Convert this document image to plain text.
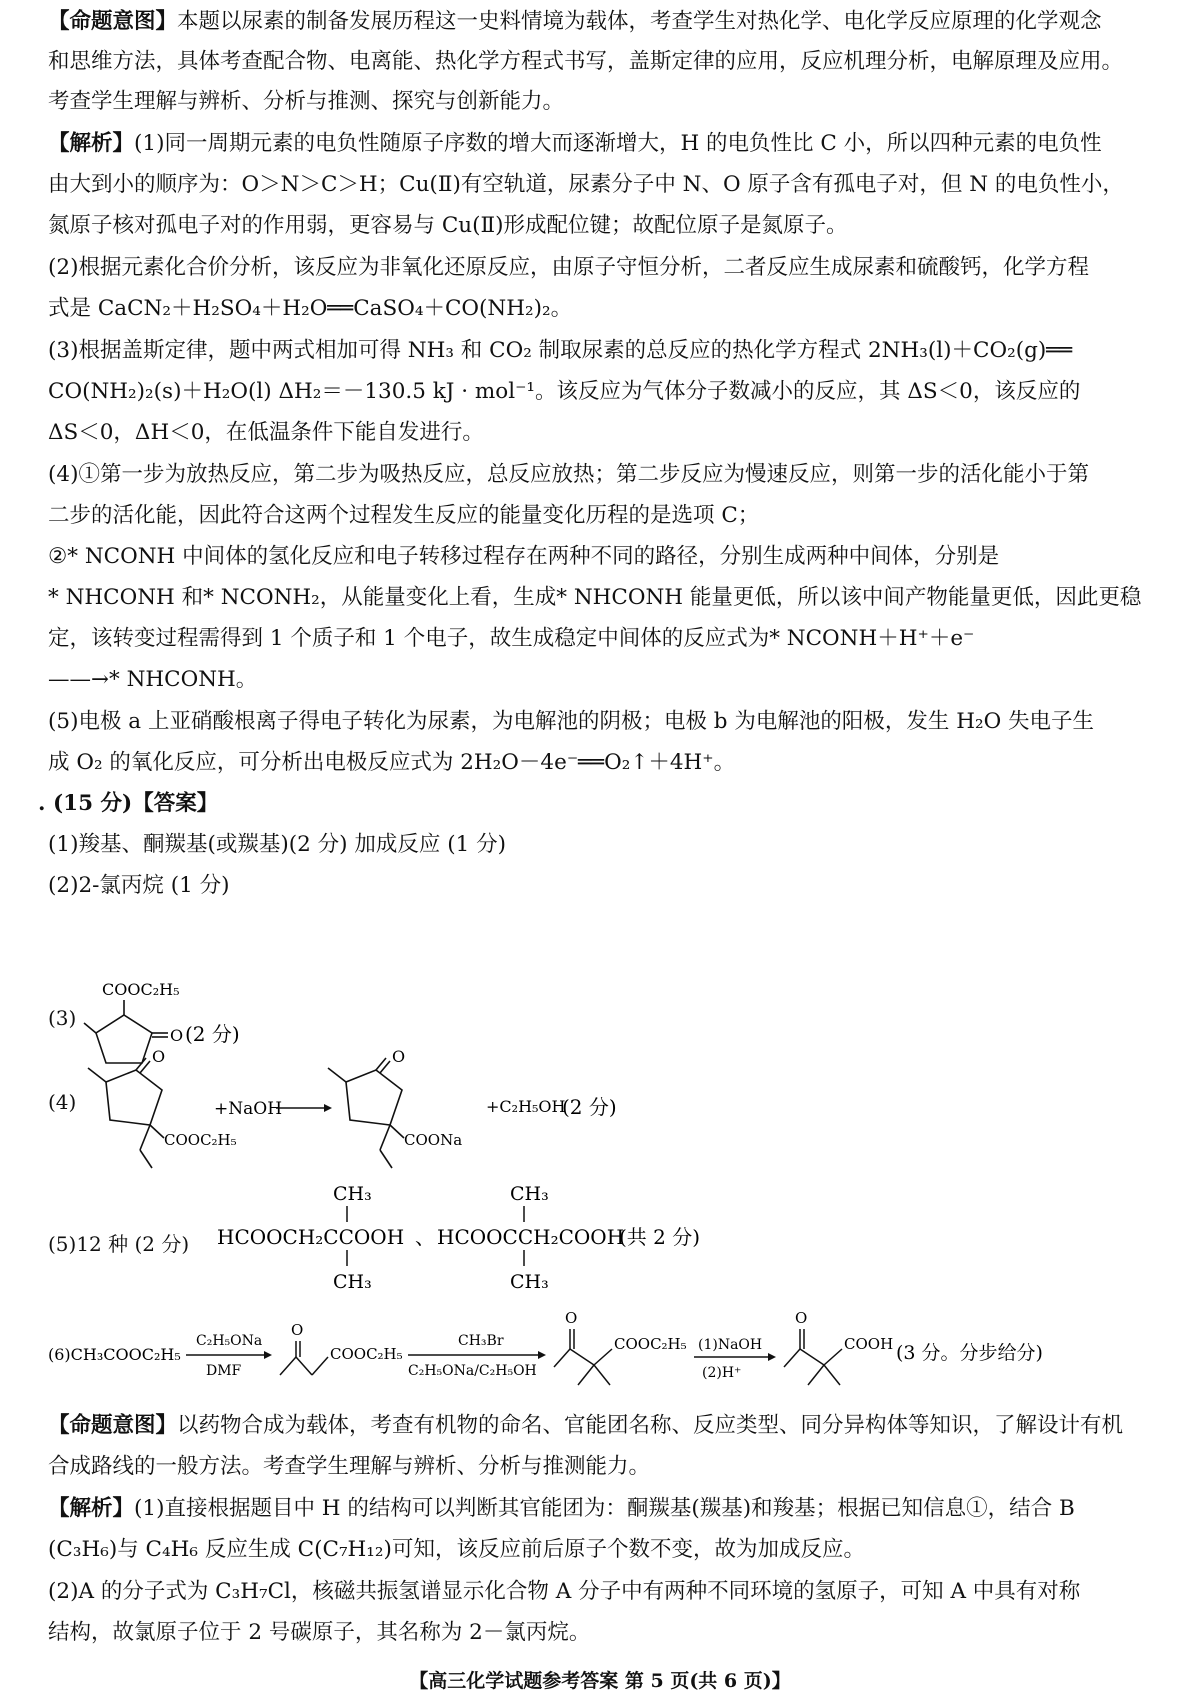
【命题意图】本题以尿素的制备发展历程这一史料情境为载体，考查学生对热化学、电化学反应原理的化学观念
和思维方法，具体考查配合物、电离能、热化学方程式书写，盖斯定律的应用，反应机理分析，电解原理及应用。
考查学生理解与辨析、分析与推测、探究与创新能力。
【解析】(1)同一周期元素的电负性随原子序数的增大而逐渐增大，H 的电负性比 C 小，所以四种元素的电负性
由大到小的顺序为：O＞N＞C＞H；Cu(Ⅱ)有空轨道，尿素分子中 N、O 原子含有孤电子对，但 N 的电负性小，
氮原子核对孤电子对的作用弱，更容易与 Cu(Ⅱ)形成配位键；故配位原子是氮原子。
(2)根据元素化合价分析，该反应为非氧化还原反应，由原子守恒分析，二者反应生成尿素和硫酸钙，化学方程
式是 CaCN₂＋H₂SO₄＋H₂O══CaSO₄＋CO(NH₂)₂。
(3)根据盖斯定律，题中两式相加可得 NH₃ 和 CO₂ 制取尿素的总反应的热化学方程式 2NH₃(l)＋CO₂(g)══
CO(NH₂)₂(s)＋H₂O(l) ΔH₂＝－130.5 kJ · mol⁻¹。该反应为气体分子数减小的反应，其 ΔS＜0，该反应的
ΔS＜0，ΔH＜0，在低温条件下能自发进行。
(4)①第一步为放热反应，第二步为吸热反应，总反应放热；第二步反应为慢速反应，则第一步的活化能小于第
二步的活化能，因此符合这两个过程发生反应的能量变化历程的是选项 C；
②* NCONH 中间体的氢化反应和电子转移过程存在两种不同的路径，分别生成两种中间体，分别是
* NHCONH 和* NCONH₂，从能量变化上看，生成* NHCONH 能量更低，所以该中间产物能量更低，因此更稳
定，该转变过程需得到 1 个质子和 1 个电子，故生成稳定中间体的反应式为* NCONH＋H⁺＋e⁻
——→* NHCONH。
(5)电极 a 上亚硝酸根离子得电子转化为尿素，为电解池的阴极；电极 b 为电解池的阳极，发生 H₂O 失电子生
成 O₂ 的氧化反应，可分析出电极反应式为 2H₂O－4e⁻══O₂↑＋4H⁺。
. (15 分)【答案】
(1)羧基、酮羰基(或羰基)(2 分) 加成反应 (1 分)
(2)2-氯丙烷 (1 分)
(3)
COOC₂H₅
O (2 分)
(4)
O
COOC₂H₅
+NaOH
O
COONa
+C₂H₅OH
(2 分)
(5)12 种 (2 分)
CH₃
HCOOCH₂CCOOH
CH₃
、
CH₃
HCOOCCH₂COOH
CH₃
(共 2 分)
(6)CH₃COOC₂H₅
C₂H₅ONa
DMF
O
COOC₂H₅
CH₃Br
C₂H₅ONa/C₂H₅OH
O
COOC₂H₅ (1)NaOH
(2)H⁺
O
COOH (3 分。分步给分)
【命题意图】以药物合成为载体，考查有机物的命名、官能团名称、反应类型、同分异构体等知识，了解设计有机
合成路线的一般方法。考查学生理解与辨析、分析与推测能力。
【解析】(1)直接根据题目中 H 的结构可以判断其官能团为：酮羰基(羰基)和羧基；根据已知信息①，结合 B
(C₃H₆)与 C₄H₆ 反应生成 C(C₇H₁₂)可知，该反应前后原子个数不变，故为加成反应。
(2)A 的分子式为 C₃H₇Cl，核磁共振氢谱显示化合物 A 分子中有两种不同环境的氢原子，可知 A 中具有对称
结构，故氯原子位于 2 号碳原子，其名称为 2－氯丙烷。
【高三化学试题参考答案 第 5 页(共 6 页)】
